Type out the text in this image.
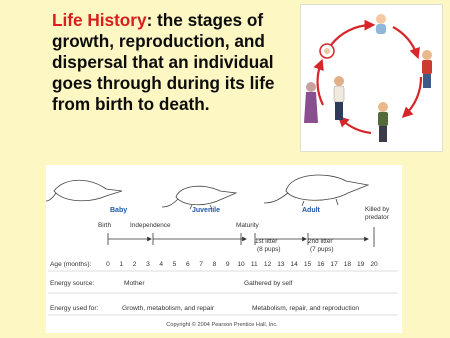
Life History: the stages of growth, reproduction, and dispersal that an individual goes through during its life from birth to death.

Baby	Juvenile	Adult	Killed by
predator
Birth	Independence	Maturity
1st litter
(8 pups)
2nd litter
(7 pups)
Age (months): 0 1 2 3 4 5 6 7 8 9 10 11 12 13 14 15 16 17 18 19 20
Energy source:	Mother	Gathered by self
Energy used for:	Growth, metabolism, and repair	Metabolism, repair, and reproduction
Copyright © 2004 Pearson Prentice Hall, Inc.
